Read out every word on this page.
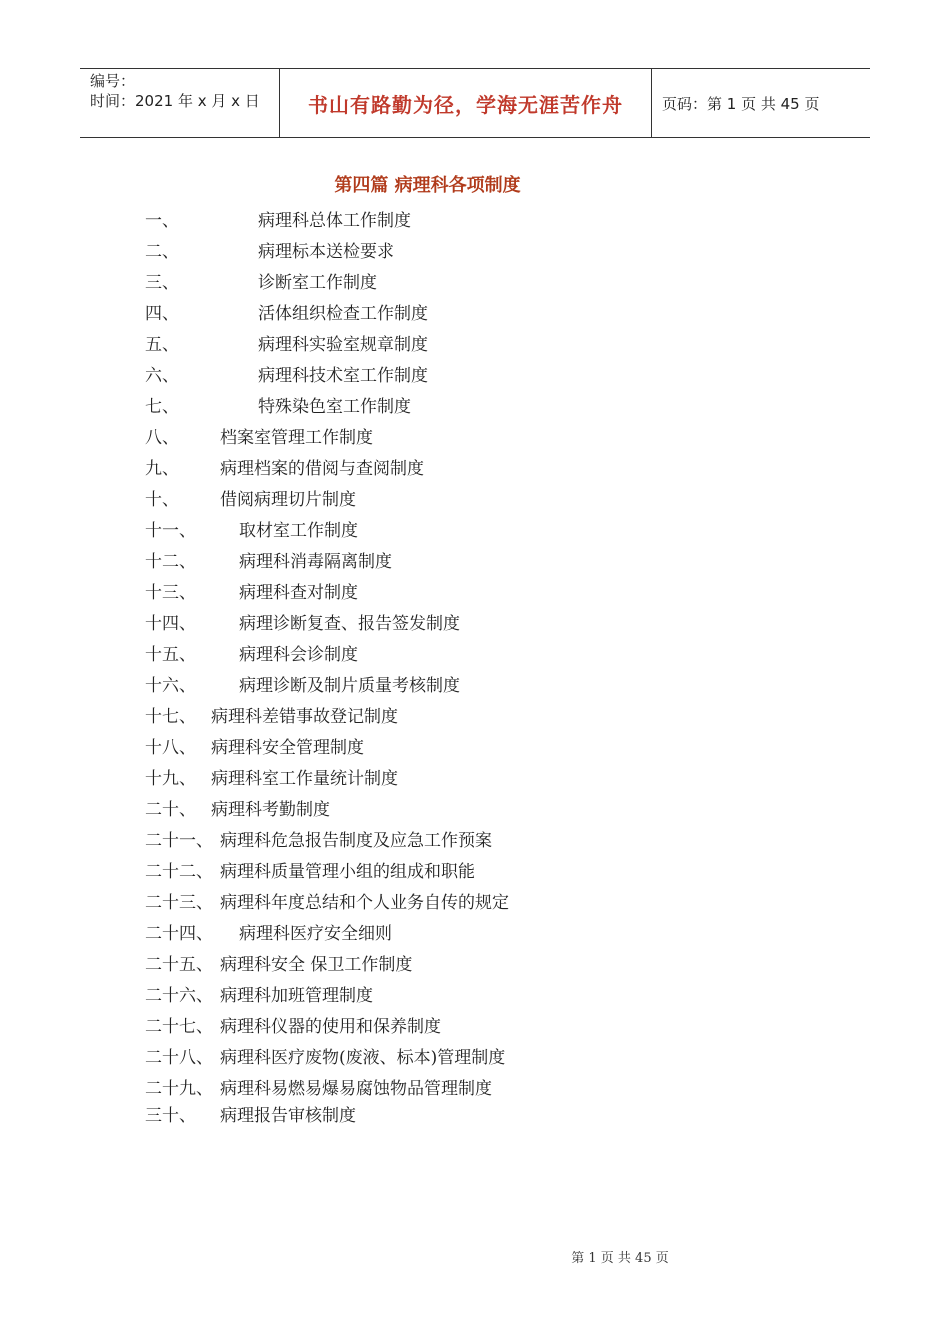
编号：
时间：2021 年 x 月 x 日	书山有路勤为径，学海无涯苦作舟	页码：第 1 页 共 45 页
第四篇 病理科各项制度
一、	病理科总体工作制度
二、	病理标本送检要求
三、	诊断室工作制度
四、	活体组织检查工作制度
五、	病理科实验室规章制度
六、	病理科技术室工作制度
七、	特殊染色室工作制度
八、	档案室管理工作制度
九、	病理档案的借阅与查阅制度
十、	借阅病理切片制度
十一、	取材室工作制度
十二、	病理科消毒隔离制度
十三、	病理科查对制度
十四、	病理诊断复查、报告签发制度
十五、	病理科会诊制度
十六、	病理诊断及制片质量考核制度
十七、 病理科差错事故登记制度
十八、 病理科安全管理制度
十九、 病理科室工作量统计制度
二十、 病理科考勤制度
二十一、 病理科危急报告制度及应急工作预案
二十二、 病理科质量管理小组的组成和职能
二十三、 病理科年度总结和个人业务自传的规定
二十四、	病理科医疗安全细则
二十五、 病理科安全 保卫工作制度
二十六、 病理科加班管理制度
二十七、 病理科仪器的使用和保养制度
二十八、 病理科医疗废物(废液、标本)管理制度
二十九、 病理科易燃易爆易腐蚀物品管理制度
三十、	病理报告审核制度
第 1 页 共 45 页
